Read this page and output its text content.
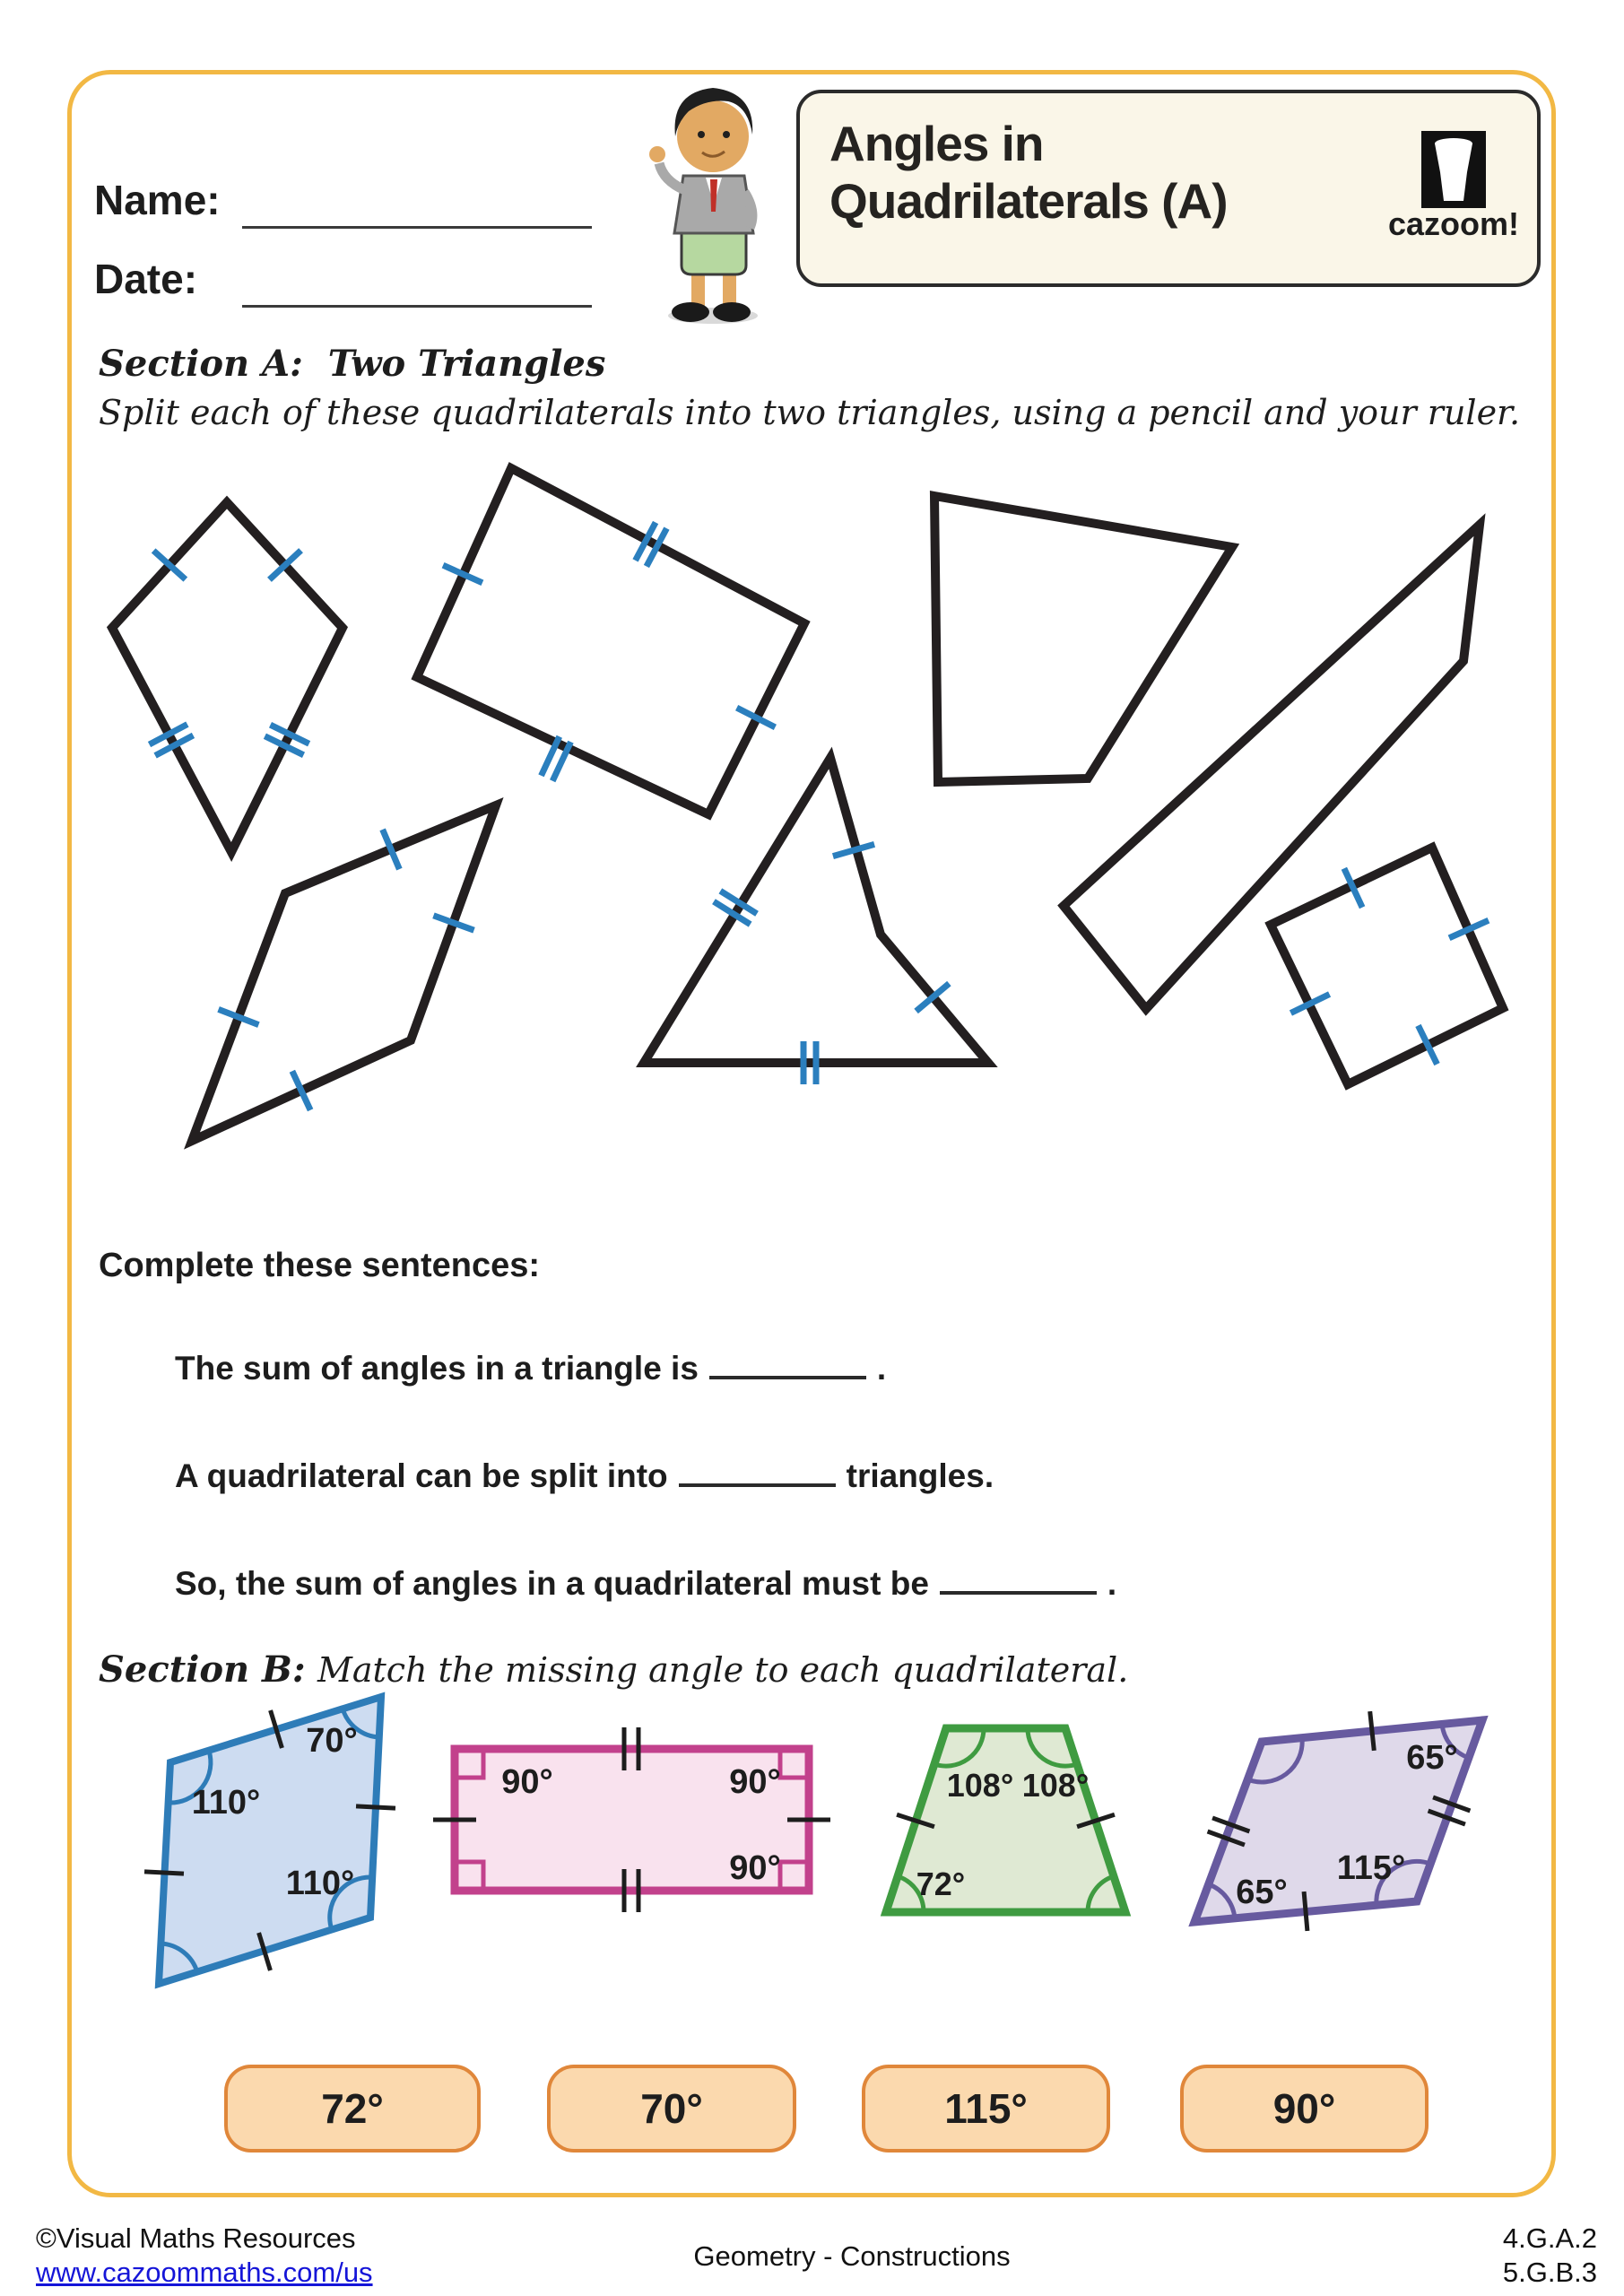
Name:
Date:
Angles in
Quadrilaterals (A)
Section A: Two Triangles
Split each of these quadrilaterals into two triangles, using a pencil and your ruler.
cazoom!
70°
110°
110°
90°	90°
90°
108° 108°
72°
65°
115°
65°
Complete these sentences:
The sum of angles in a triangle is	.
A quadrilateral can be split into	triangles.
So, the sum of angles in a quadrilateral must be	.
Section B: Match the missing angle to each quadrilateral.
72°	70°	115°	90°
©Visual Maths Resources
www.cazoommaths.com/us
Geometry - Constructions
4.G.A.2
5.G.B.3
